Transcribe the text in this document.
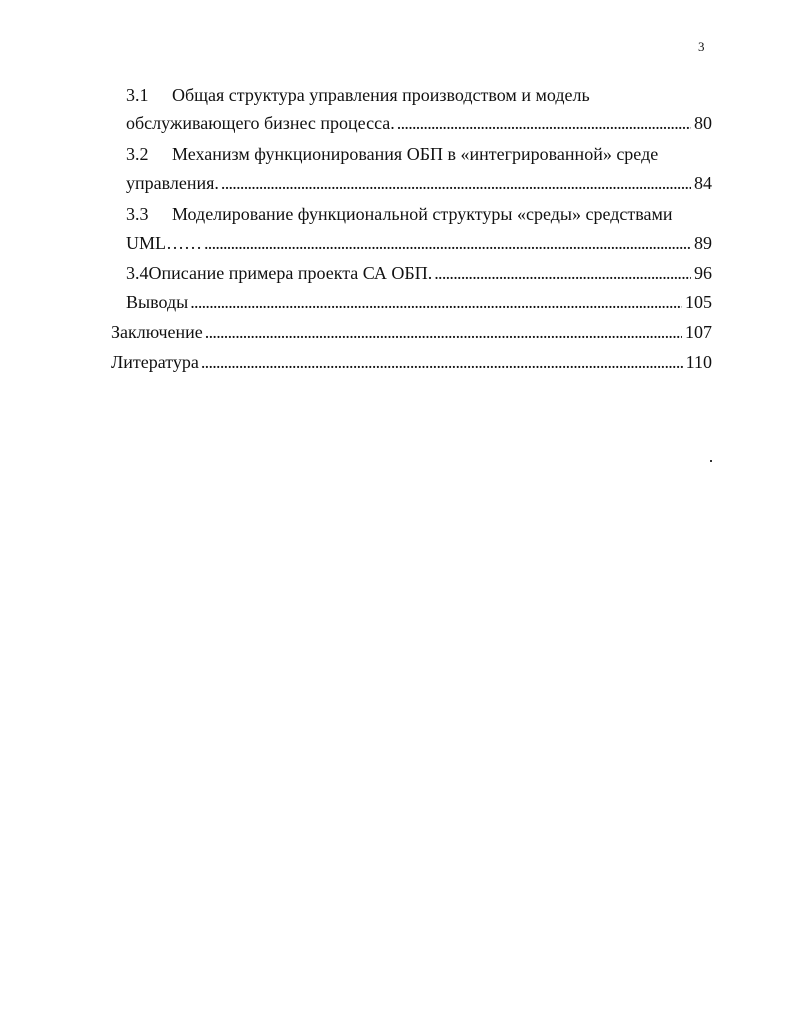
3
3.1 Общая структура управления производством и модель
обслуживающего бизнес процесса. . . .	80
3.2 Механизм функционирования ОБП в «интегрированной» среде
управления. . . .	84
3.3 Моделирование функциональной структуры «среды» средствами
UML…… . . .	89
3.4 Описание примера проекта СА ОБП. . . .	96
Выводы . . .	105
Заключение . . .	107
Литература . . .	110
